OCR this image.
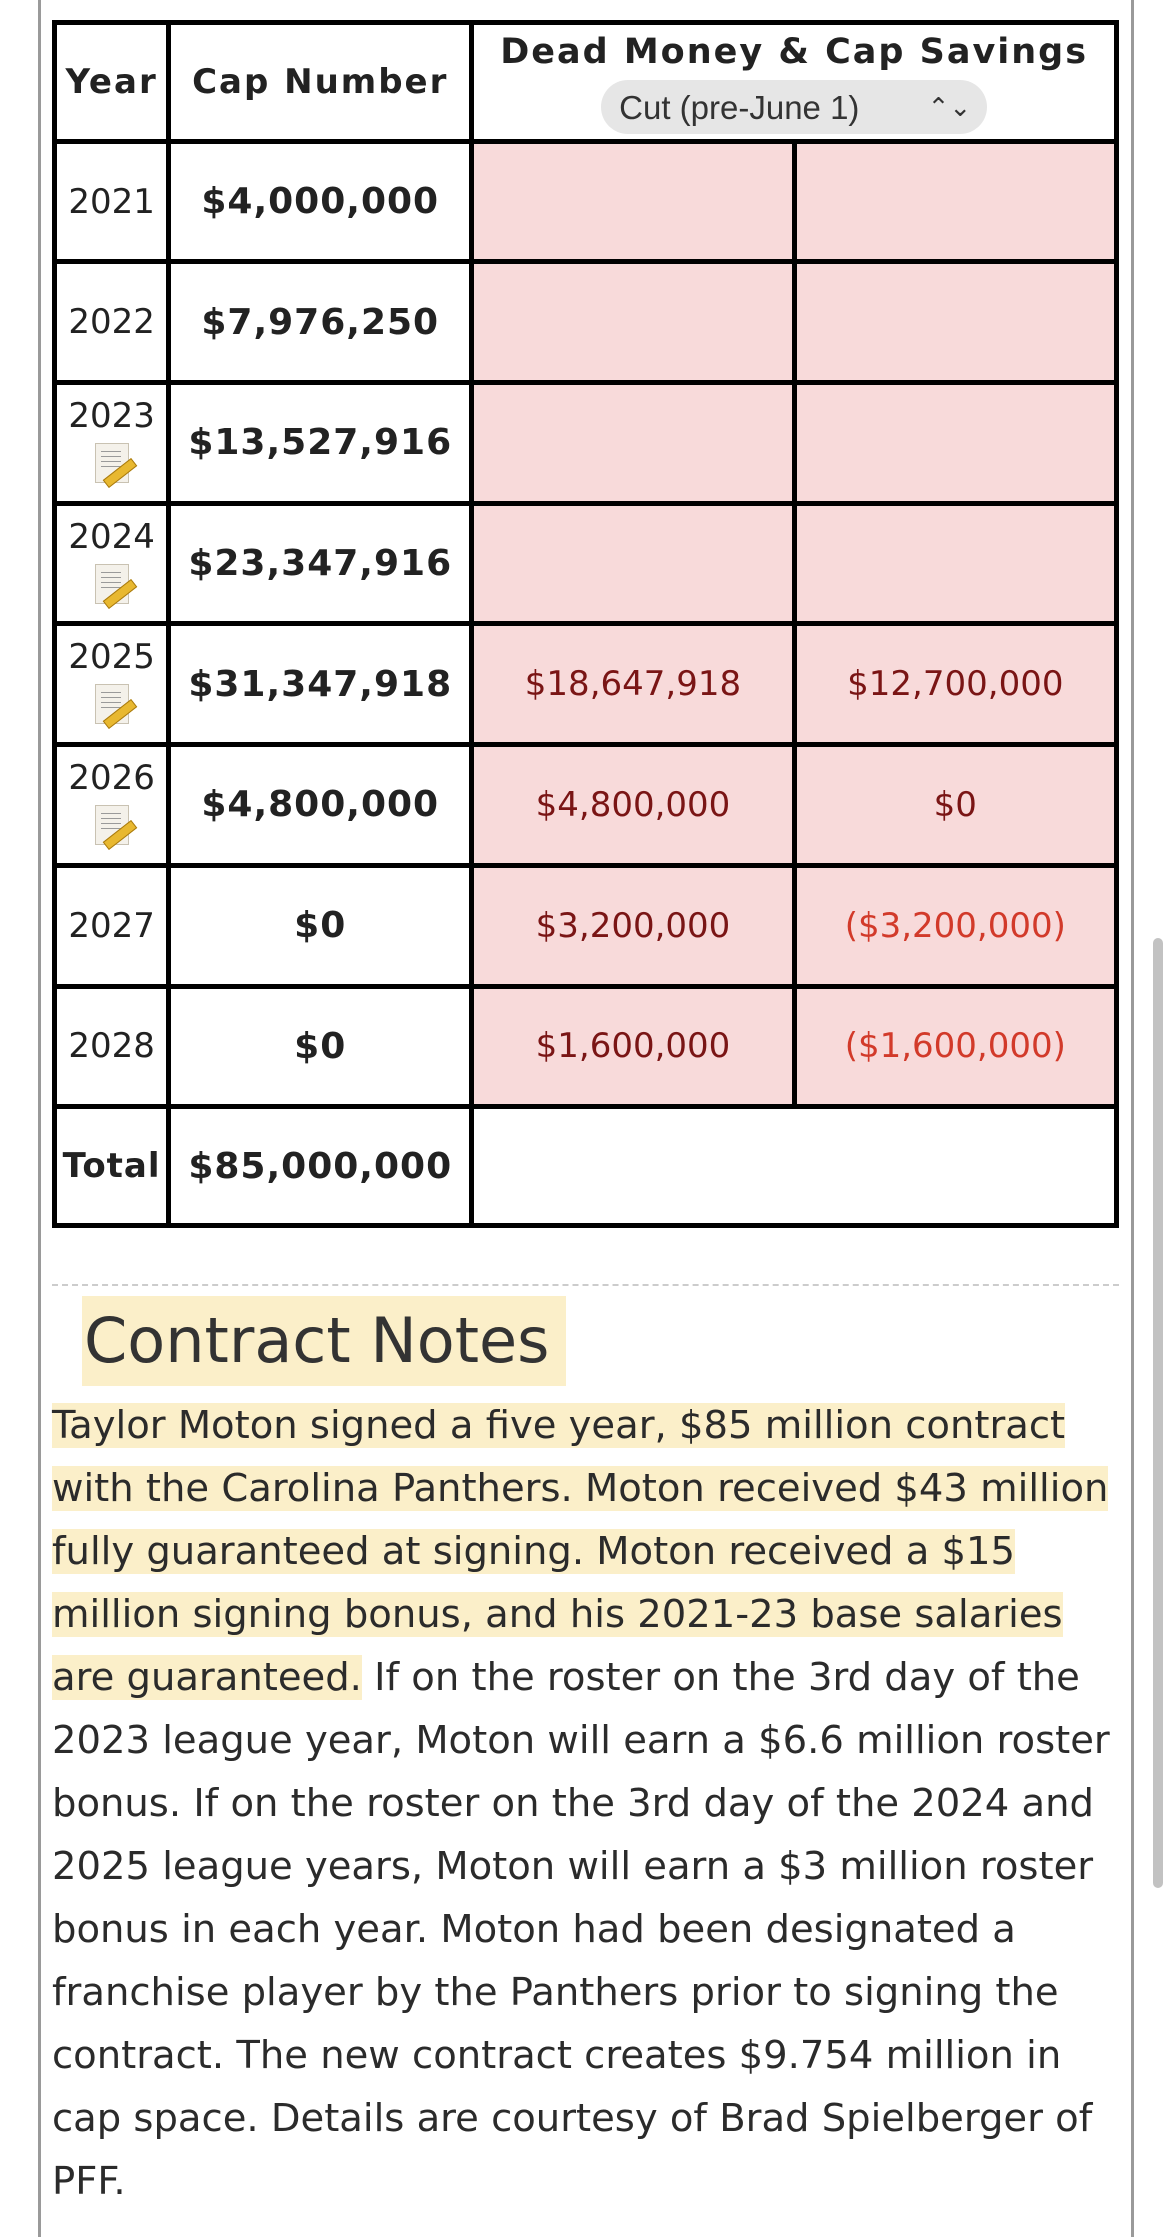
Year	Cap Number	Dead Money & Cap Savings
Cut (pre-June 1) ⌃⌄	

2021	$4,000,000		

2022	$7,976,250		

2023	$13,527,916		

2024	$23,347,916		

2025	$31,347,918	$18,647,918	$12,700,000

2026	$4,800,000	$4,800,000	$0

2027	$0	$3,200,000	($3,200,000)

2028	$0	$1,600,000	($1,600,000)
Total	$85,000,000		
Contract Notes
Taylor Moton signed a five year, $85 million contract with the Carolina Panthers. Moton received $43 million fully guaranteed at signing. Moton received a $15 million signing bonus, and his 2021-23 base salaries are guaranteed. If on the roster on the 3rd day of the 2023 league year, Moton will earn a $6.6 million roster bonus. If on the roster on the 3rd day of the 2024 and 2025 league years, Moton will earn a $3 million roster bonus in each year. Moton had been designated a franchise player by the Panthers prior to signing the contract. The new contract creates $9.754 million in cap space. Details are courtesy of Brad Spielberger of PFF.
